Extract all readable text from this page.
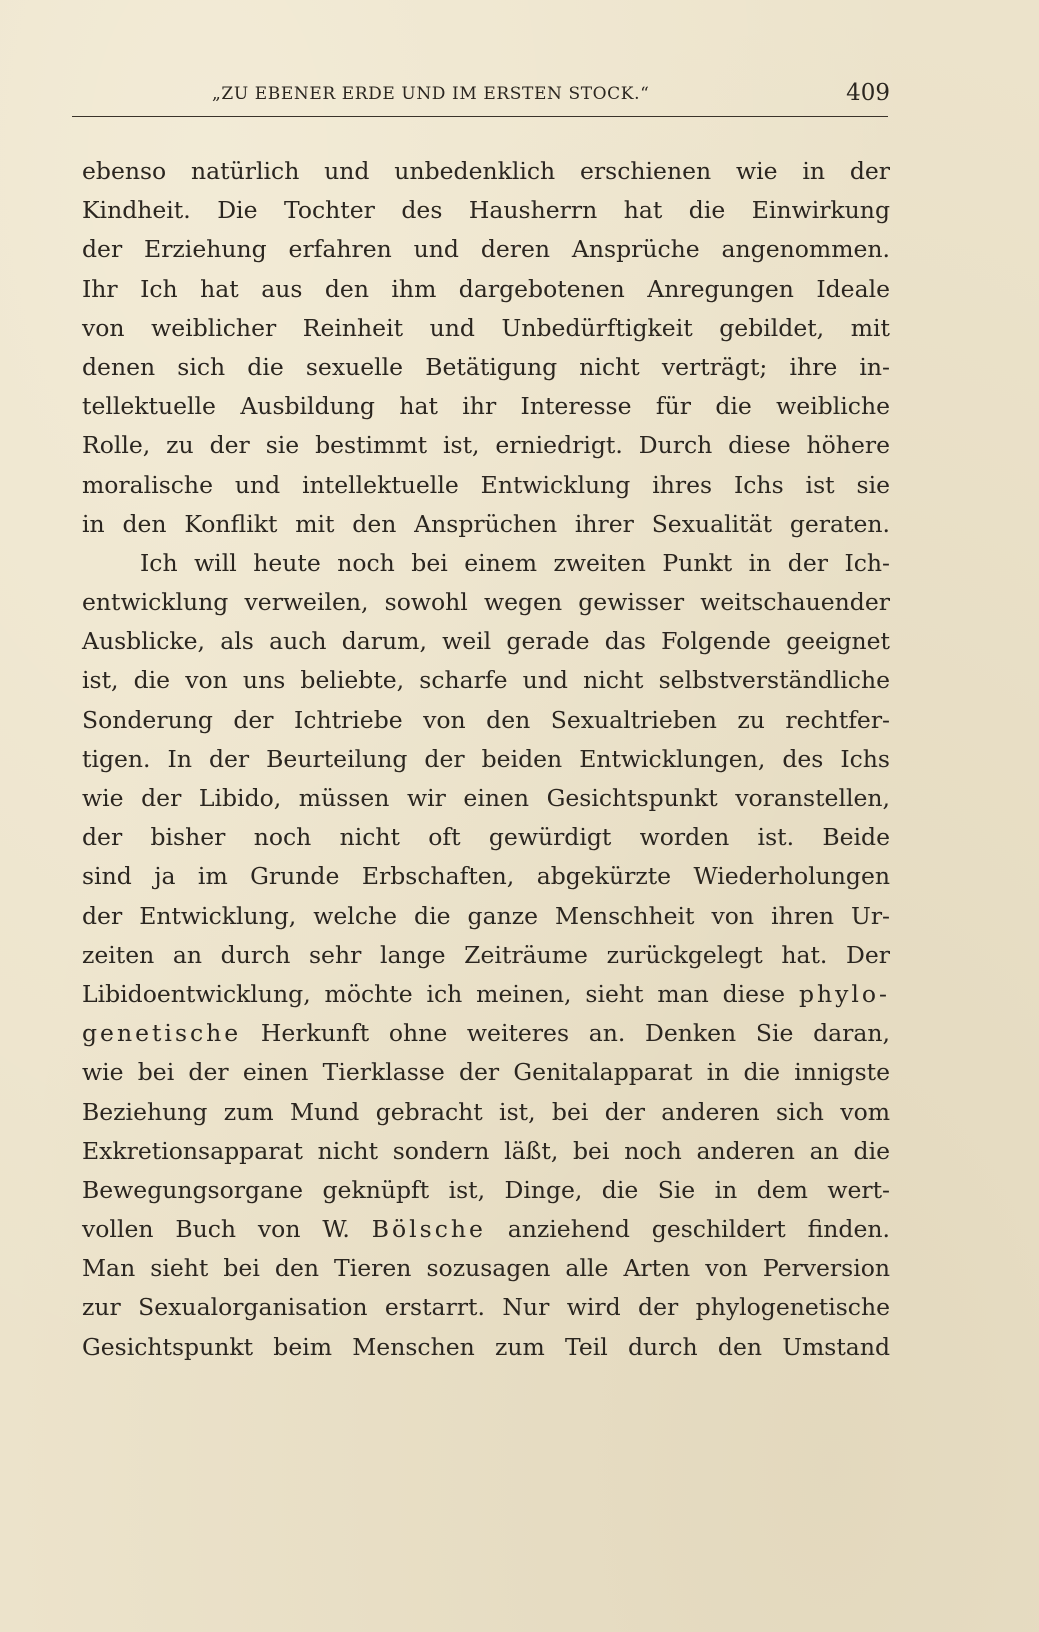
„ZU EBENER ERDE UND IM ERSTEN STOCK.“	409
ebenso natürlich und unbedenklich erschienen wie in der
Kindheit. Die Tochter des Hausherrn hat die Einwirkung
der Erziehung erfahren und deren Ansprüche angenommen.
Ihr Ich hat aus den ihm dargebotenen Anregungen Ideale
von weiblicher Reinheit und Unbedürftigkeit gebildet, mit
denen sich die sexuelle Betätigung nicht verträgt; ihre in-
tellektuelle Ausbildung hat ihr Interesse für die weibliche
Rolle, zu der sie bestimmt ist, erniedrigt. Durch diese höhere
moralische und intellektuelle Entwicklung ihres Ichs ist sie
in den Konflikt mit den Ansprüchen ihrer Sexualität geraten.
Ich will heute noch bei einem zweiten Punkt in der Ich-
entwicklung verweilen, sowohl wegen gewisser weitschauender
Ausblicke, als auch darum, weil gerade das Folgende geeignet
ist, die von uns beliebte, scharfe und nicht selbstverständliche
Sonderung der Ichtriebe von den Sexualtrieben zu rechtfer-
tigen. In der Beurteilung der beiden Entwicklungen, des Ichs
wie der Libido, müssen wir einen Gesichtspunkt voranstellen,
der bisher noch nicht oft gewürdigt worden ist. Beide
sind ja im Grunde Erbschaften, abgekürzte Wiederholungen
der Entwicklung, welche die ganze Menschheit von ihren Ur-
zeiten an durch sehr lange Zeiträume zurückgelegt hat. Der
Libidoentwicklung, möchte ich meinen, sieht man diese phylo-
genetische Herkunft ohne weiteres an. Denken Sie daran,
wie bei der einen Tierklasse der Genitalapparat in die innigste
Beziehung zum Mund gebracht ist, bei der anderen sich vom
Exkretionsapparat nicht sondern läßt, bei noch anderen an die
Bewegungsorgane geknüpft ist, Dinge, die Sie in dem wert-
vollen Buch von W. Bölsche anziehend geschildert finden.
Man sieht bei den Tieren sozusagen alle Arten von Perversion
zur Sexualorganisation erstarrt. Nur wird der phylogenetische
Gesichtspunkt beim Menschen zum Teil durch den Umstand
